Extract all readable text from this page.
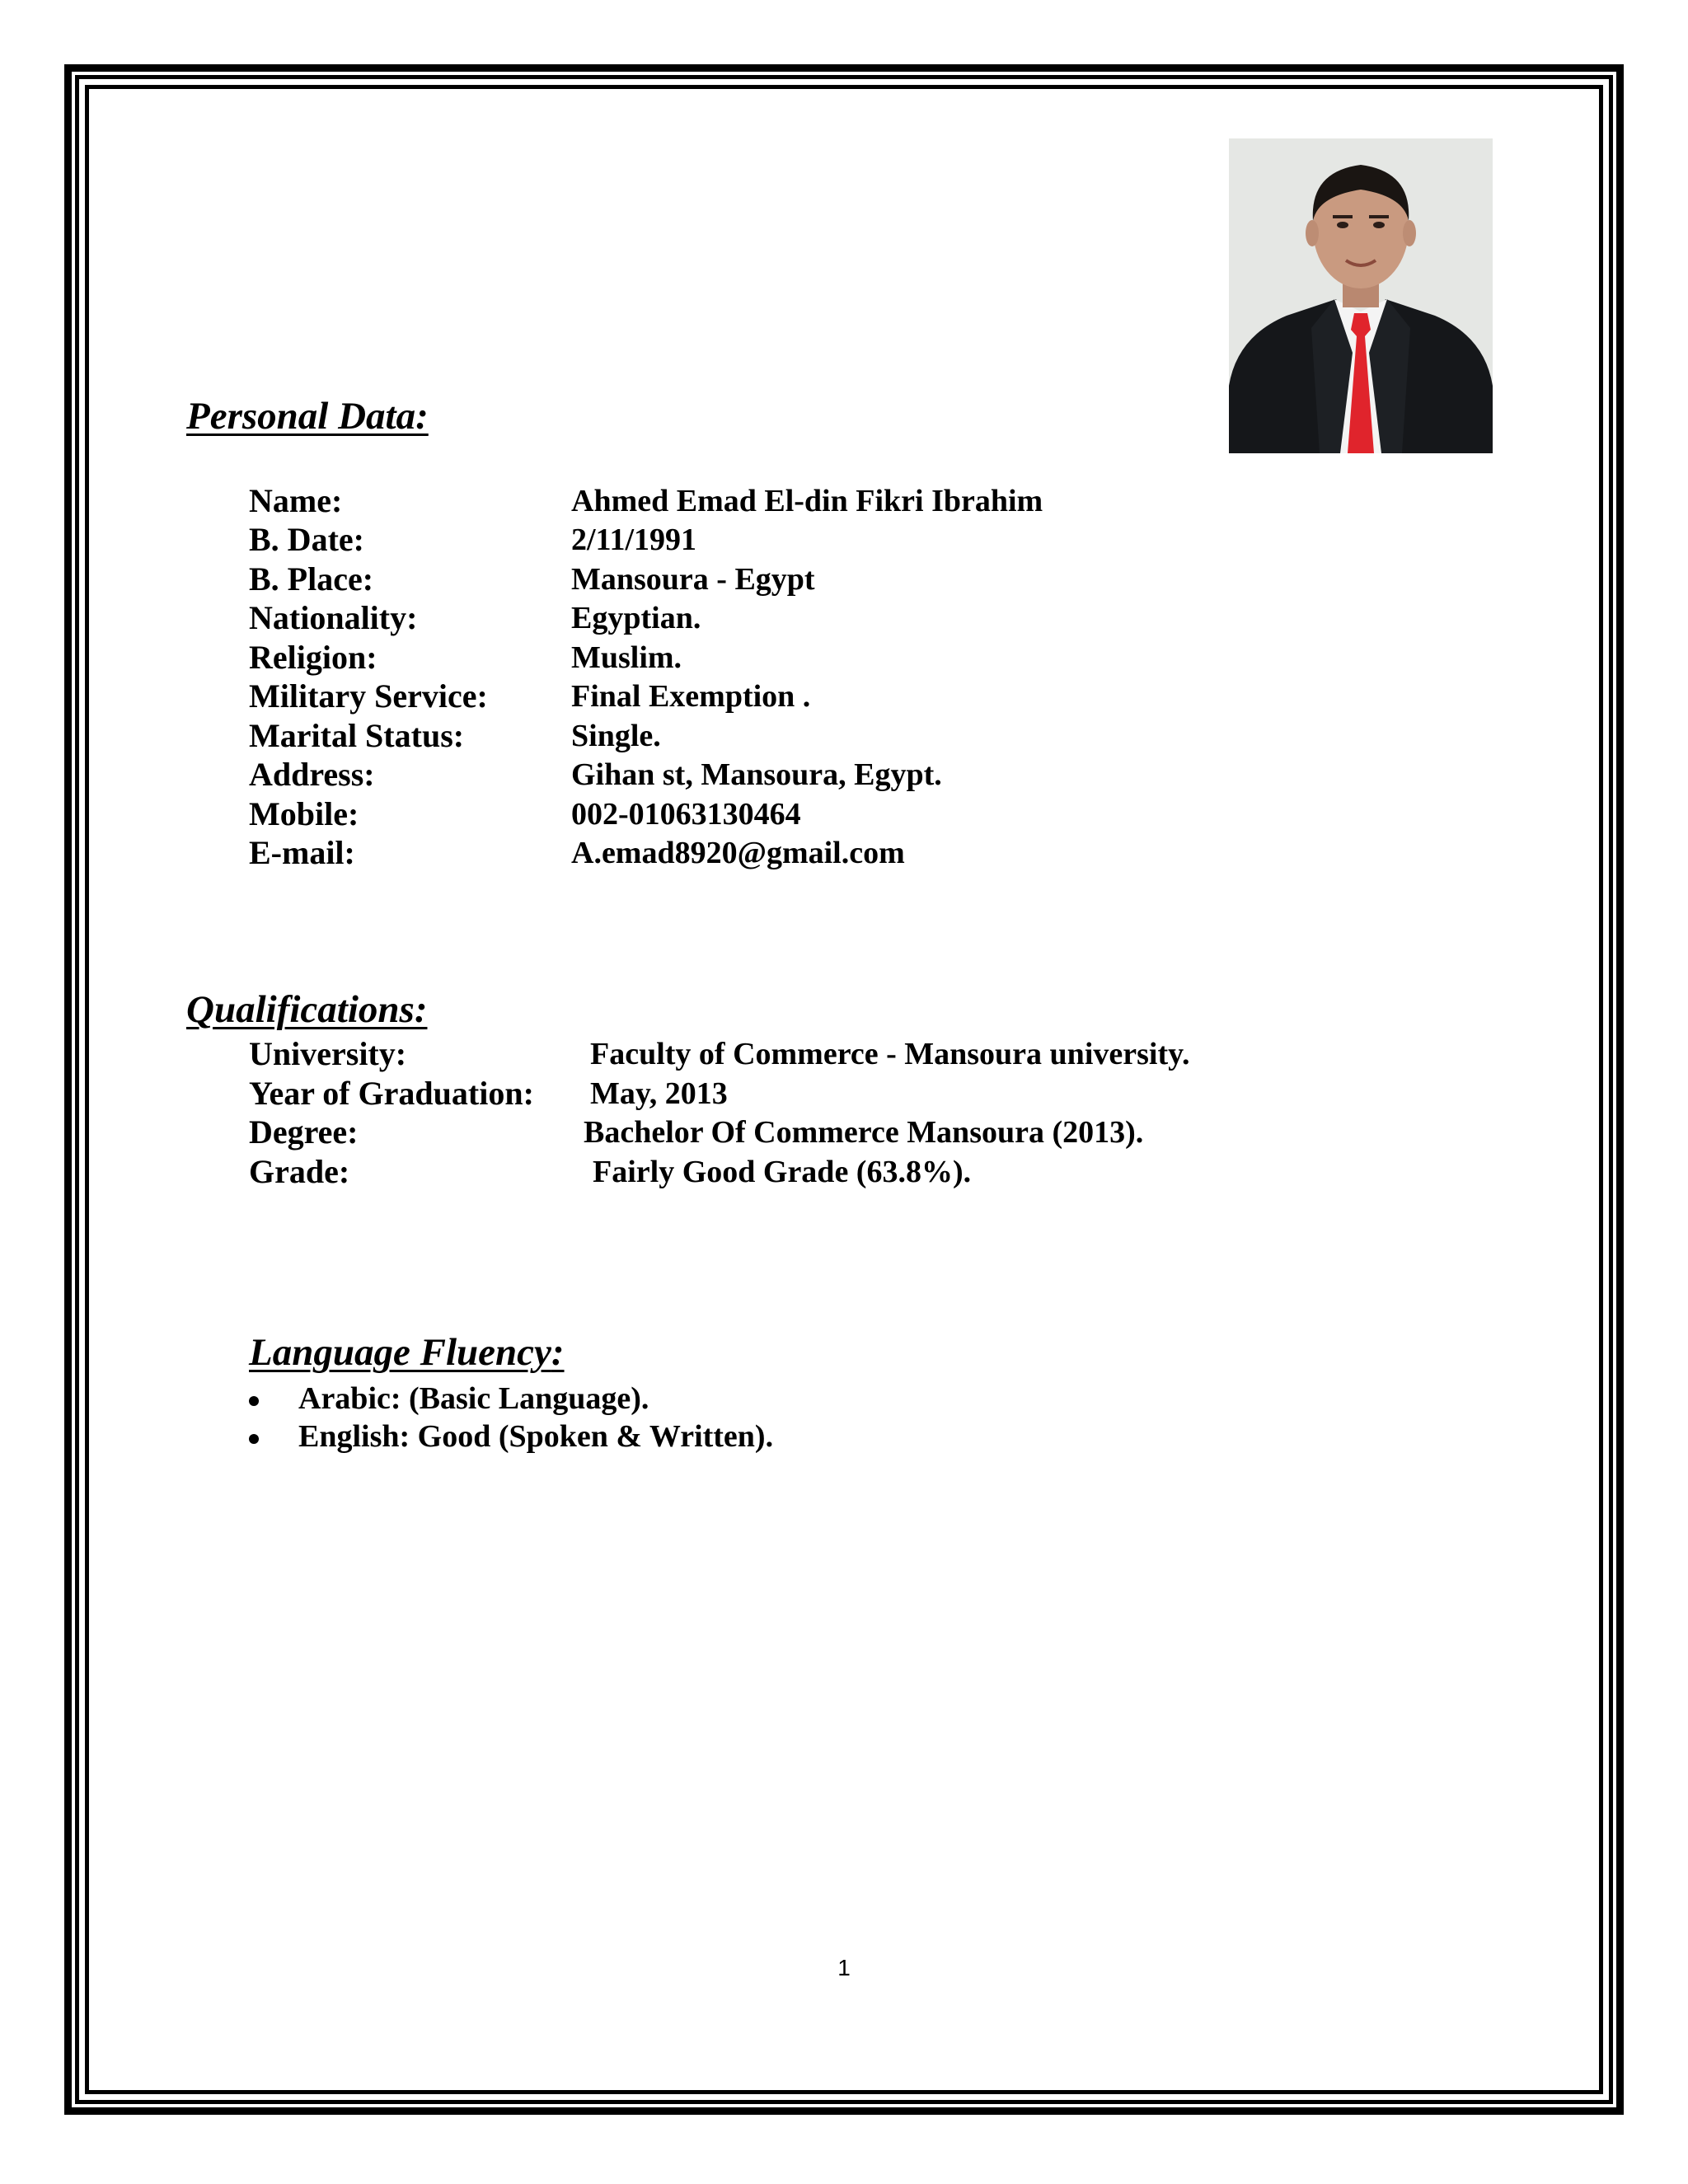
Personal Data:
Name:	Ahmed Emad El-din Fikri Ibrahim
B. Date:	2/11/1991
B. Place:	Mansoura - Egypt
Nationality:	Egyptian.
Religion:	Muslim.
Military Service:	Final Exemption .
Marital Status:	Single.
Address:	Gihan st, Mansoura, Egypt.
Mobile:	002-01063130464
E-mail:	A.emad8920@gmail.com
Qualifications:
University:	Faculty of Commerce - Mansoura university.
Year of Graduation: May, 2013
Degree:	Bachelor Of Commerce Mansoura (2013).
Grade:	Fairly Good Grade (63.8%).
Language Fluency:
Arabic: (Basic Language).
English: Good (Spoken & Written).
1
